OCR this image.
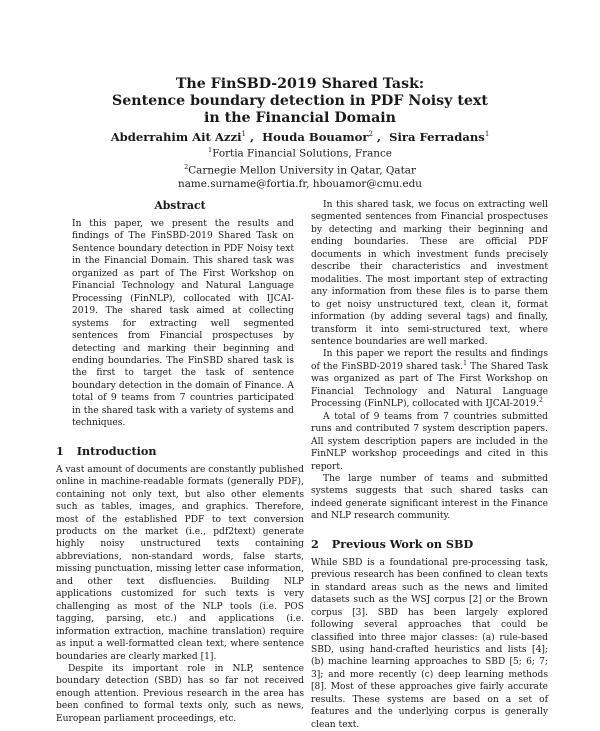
The FinSBD-2019 Shared Task:
Sentence boundary detection in PDF Noisy text
in the Financial Domain
Abderrahim Ait Azzi$^1$ , Houda Bouamor$^2$ , Sira Ferradans$^1$
$^1$Fortia Financial Solutions, France
$^2$Carnegie Mellon University in Qatar, Qatar
name.surname@fortia.fr, hbouamor@cmu.edu
Abstract

In this paper, we present the results and findings of The FinSBD-2019 Shared Task on Sentence boundary detection in PDF Noisy text in the Financial Domain. This shared task was organized as part of The First Workshop on Financial Technology and Natural Language Processing (FinNLP), collocated with IJCAI-2019. The shared task aimed at collecting systems for extracting well segmented sentences from Financial prospectuses by detecting and marking their beginning and ending boundaries. The FinSBD shared task is the first to target the task of sentence boundary detection in the domain of Finance. A total of 9 teams from 7 countries participated in the shared task with a variety of systems and techniques.

1 Introduction

A vast amount of documents are constantly published online in machine-readable formats (generally PDF), containing not only text, but also other elements such as tables, images, and graphics. Therefore, most of the established PDF to text conversion products on the market (i.e., pdf2text) generate highly noisy unstructured texts containing abbreviations, non-standard words, false starts, missing punctuation, missing letter case information, and other text disfluencies. Building NLP applications customized for such texts is very challenging as most of the NLP tools (i.e. POS tagging, parsing, etc.) and applications (i.e. information extraction, machine translation) require as input a well-formatted clean text, where sentence boundaries are clearly marked [1].

Despite its important role in NLP, sentence boundary detection (SBD) has so far not received enough attention. Previous research in the area has been confined to formal texts only, such as news, European parliament proceedings, etc.

In this shared task, we focus on extracting well segmented sentences from Financial prospectuses by detecting and marking their beginning and ending boundaries. These are official PDF documents in which investment funds precisely describe their characteristics and investment modalities. The most important step of extracting any information from these files is to parse them to get noisy unstructured text, clean it, format information (by adding several tags) and finally, transform it into semi-structured text, where sentence boundaries are well marked.

In this paper we report the results and findings of the FinSBD-2019 shared task.$^1$ The Shared Task was organized as part of The First Workshop on Financial Technology and Natural Language Processing (FinNLP), collocated with IJCAI-2019.$^2$

A total of 9 teams from 7 countries submitted runs and contributed 7 system description papers. All system description papers are included in the FinNLP workshop proceedings and cited in this report.

The large number of teams and submitted systems suggests that such shared tasks can indeed generate significant interest in the Finance and NLP research community.

2 Previous Work on SBD

While SBD is a foundational pre-processing task, previous research has been confined to clean texts in standard areas such as the news and limited datasets such as the WSJ corpus [2] or the Brown corpus [3]. SBD has been largely explored following several approaches that could be classified into three major classes: (a) rule-based SBD, using hand-crafted heuristics and lists [4]; (b) machine learning approaches to SBD [5; 6; 7; 3]; and more recently (c) deep learning methods [8]. Most of these approaches give fairly accurate results. These systems are based on a set of features and the underlying corpus is generally clean text.
